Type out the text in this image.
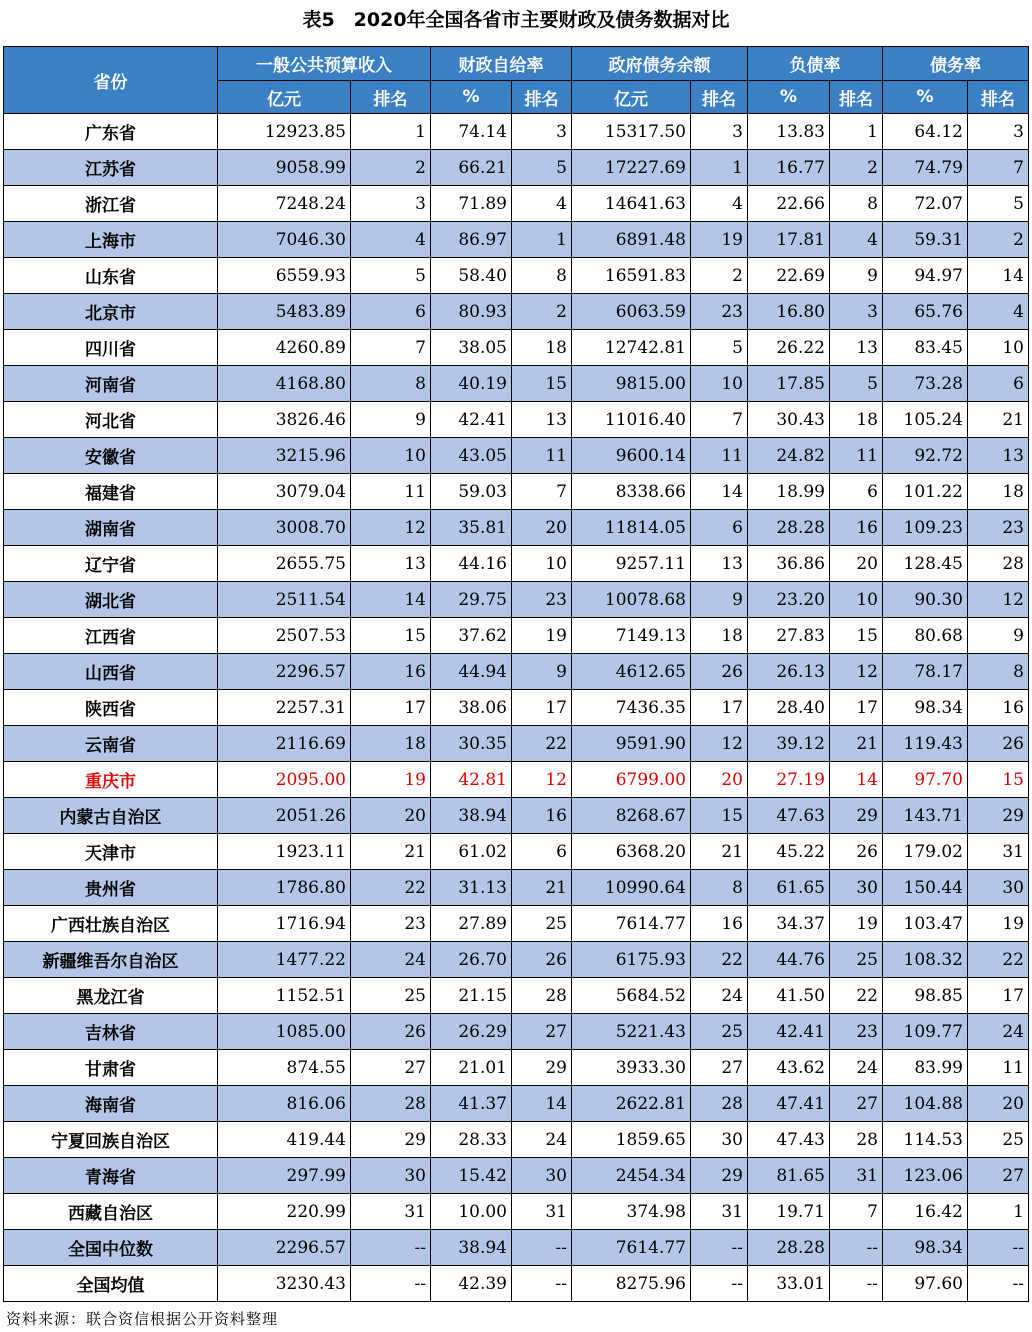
表5　2020年全国各省市主要财政及债务数据对比
省份	一般公共预算收入		财政自给率		政府债务余额		负债率		债务率	
	亿元	排名	%	排名	亿元	排名	%	排名	%	排名
广东省	12923.85	1	74.14	3	15317.50	3	13.83	1	64.12	3
江苏省	9058.99	2	66.21	5	17227.69	1	16.77	2	74.79	7
浙江省	7248.24	3	71.89	4	14641.63	4	22.66	8	72.07	5
上海市	7046.30	4	86.97	1	6891.48	19	17.81	4	59.31	2
山东省	6559.93	5	58.40	8	16591.83	2	22.69	9	94.97	14
北京市	5483.89	6	80.93	2	6063.59	23	16.80	3	65.76	4
四川省	4260.89	7	38.05	18	12742.81	5	26.22	13	83.45	10
河南省	4168.80	8	40.19	15	9815.00	10	17.85	5	73.28	6
河北省	3826.46	9	42.41	13	11016.40	7	30.43	18	105.24	21
安徽省	3215.96	10	43.05	11	9600.14	11	24.82	11	92.72	13
福建省	3079.04	11	59.03	7	8338.66	14	18.99	6	101.22	18
湖南省	3008.70	12	35.81	20	11814.05	6	28.28	16	109.23	23
辽宁省	2655.75	13	44.16	10	9257.11	13	36.86	20	128.45	28
湖北省	2511.54	14	29.75	23	10078.68	9	23.20	10	90.30	12
江西省	2507.53	15	37.62	19	7149.13	18	27.83	15	80.68	9
山西省	2296.57	16	44.94	9	4612.65	26	26.13	12	78.17	8
陕西省	2257.31	17	38.06	17	7436.35	17	28.40	17	98.34	16
云南省	2116.69	18	30.35	22	9591.90	12	39.12	21	119.43	26
重庆市	2095.00	19	42.81	12	6799.00	20	27.19	14	97.70	15
内蒙古自治区	2051.26	20	38.94	16	8268.67	15	47.63	29	143.71	29
天津市	1923.11	21	61.02	6	6368.20	21	45.22	26	179.02	31
贵州省	1786.80	22	31.13	21	10990.64	8	61.65	30	150.44	30
广西壮族自治区	1716.94	23	27.89	25	7614.77	16	34.37	19	103.47	19
新疆维吾尔自治区	1477.22	24	26.70	26	6175.93	22	44.76	25	108.32	22
黑龙江省	1152.51	25	21.15	28	5684.52	24	41.50	22	98.85	17
吉林省	1085.00	26	26.29	27	5221.43	25	42.41	23	109.77	24
甘肃省	874.55	27	21.01	29	3933.30	27	43.62	24	83.99	11
海南省	816.06	28	41.37	14	2622.81	28	47.41	27	104.88	20
宁夏回族自治区	419.44	29	28.33	24	1859.65	30	47.43	28	114.53	25
青海省	297.99	30	15.42	30	2454.34	29	81.65	31	123.06	27
西藏自治区	220.99	31	10.00	31	374.98	31	19.71	7	16.42	1
全国中位数	2296.57	--	38.94	--	7614.77	--	28.28	--	98.34	--
全国均值	3230.43	--	42.39	--	8275.96	--	33.01	--	97.60	--
资料来源：联合资信根据公开资料整理
